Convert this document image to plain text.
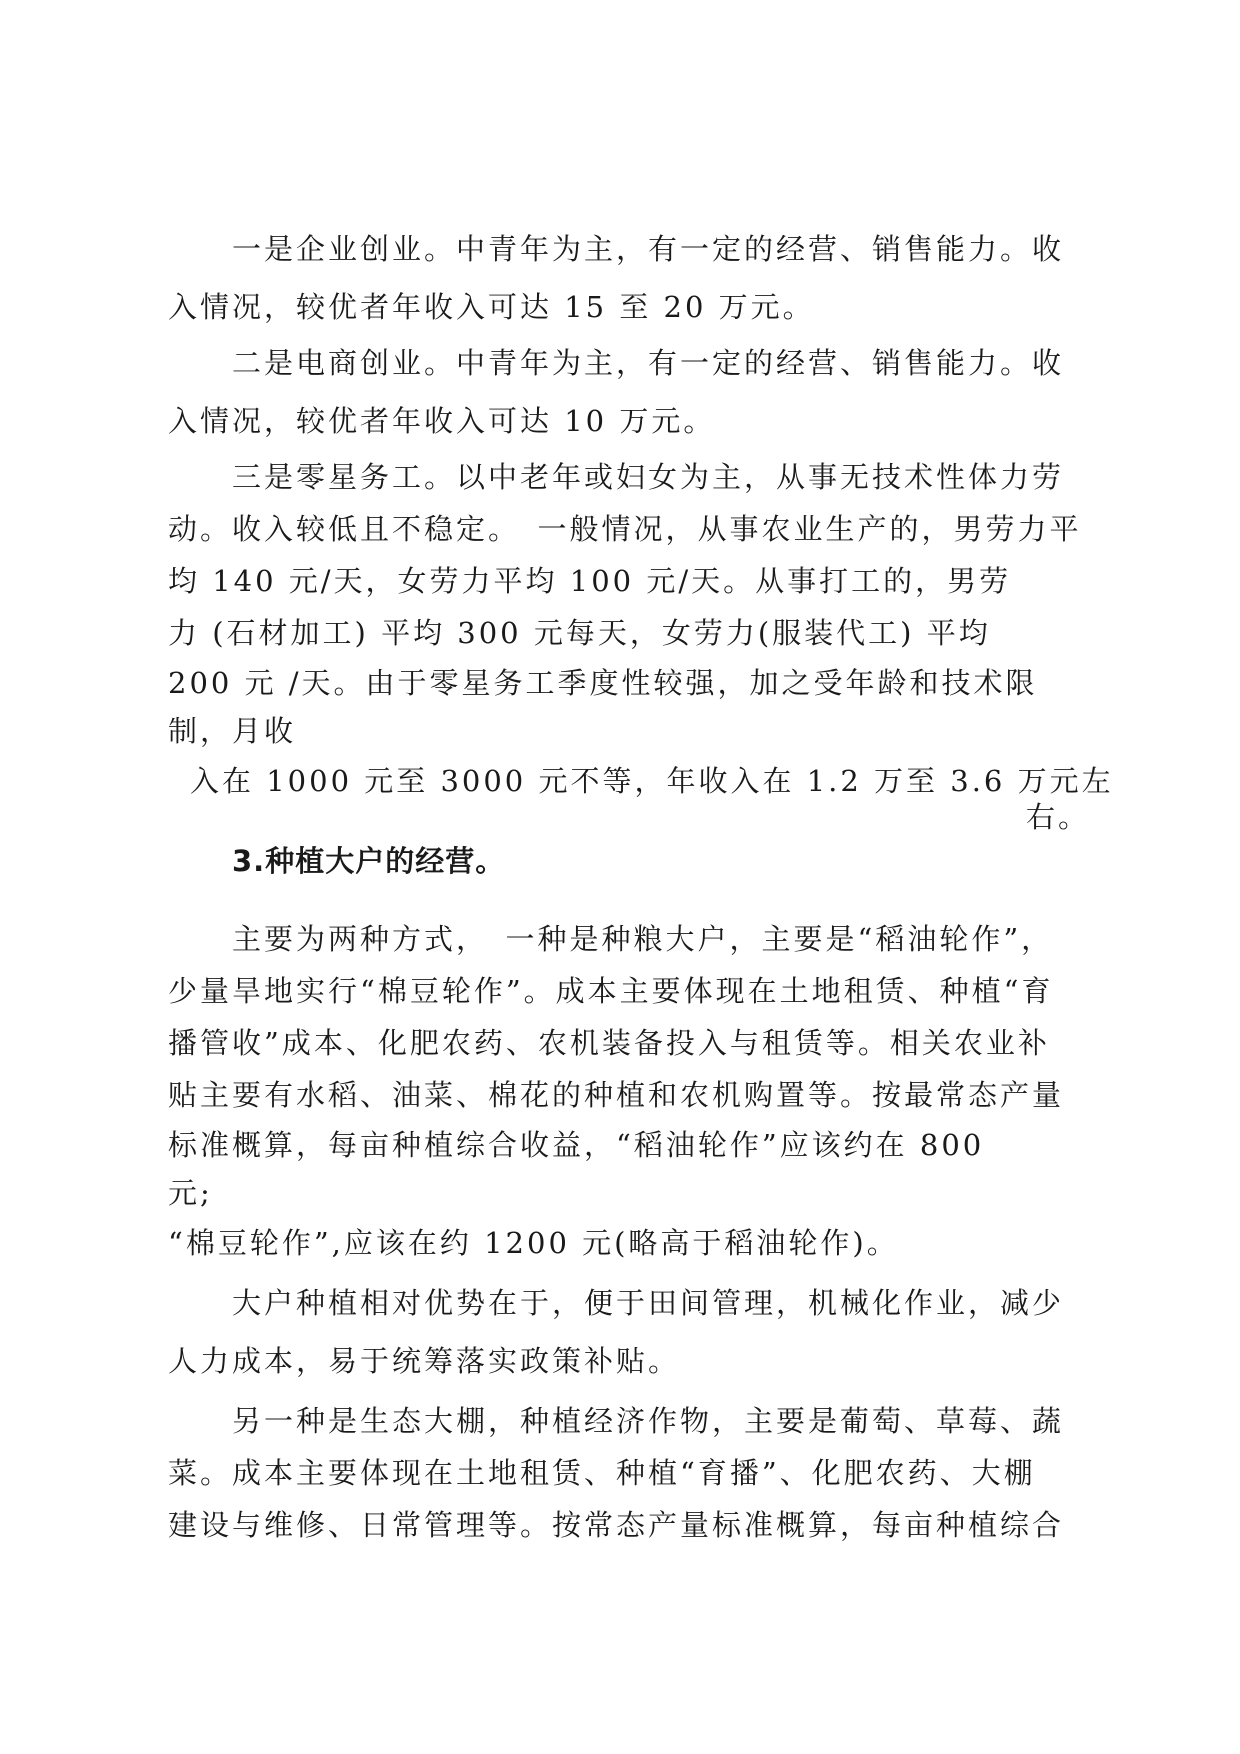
一是企业创业。中青年为主，有一定的经营、销售能力。收
入情况，较优者年收入可达 15 至 20 万元。
二是电商创业。中青年为主，有一定的经营、销售能力。收
入情况，较优者年收入可达 10 万元。
三是零星务工。以中老年或妇女为主，从事无技术性体力劳
动。收入较低且不稳定。　一般情况，从事农业生产的，男劳力平
均 140 元/天，女劳力平均 100 元/天。从事打工的，男劳
力 (石材加工) 平均 300 元每天，女劳力(服装代工) 平均
200 元 /天。由于零星务工季度性较强，加之受年龄和技术限
制，月收
入在 1000 元至 3000 元不等，年收入在 1.2 万至 3.6 万元左
右。
3.种植大户的经营。
主要为两种方式，　一种是种粮大户，主要是“稻油轮作”，
少量旱地实行“棉豆轮作”。成本主要体现在土地租赁、种植“育
播管收”成本、化肥农药、农机装备投入与租赁等。相关农业补
贴主要有水稻、油菜、棉花的种植和农机购置等。按最常态产量
标准概算，每亩种植综合收益，“稻油轮作”应该约在 800
元;
“棉豆轮作”,应该在约 1200 元(略高于稻油轮作)。
大户种植相对优势在于，便于田间管理，机械化作业，减少
人力成本，易于统筹落实政策补贴。
另一种是生态大棚，种植经济作物，主要是葡萄、草莓、蔬
菜。成本主要体现在土地租赁、种植“育播”、化肥农药、大棚
建设与维修、日常管理等。按常态产量标准概算，每亩种植综合
